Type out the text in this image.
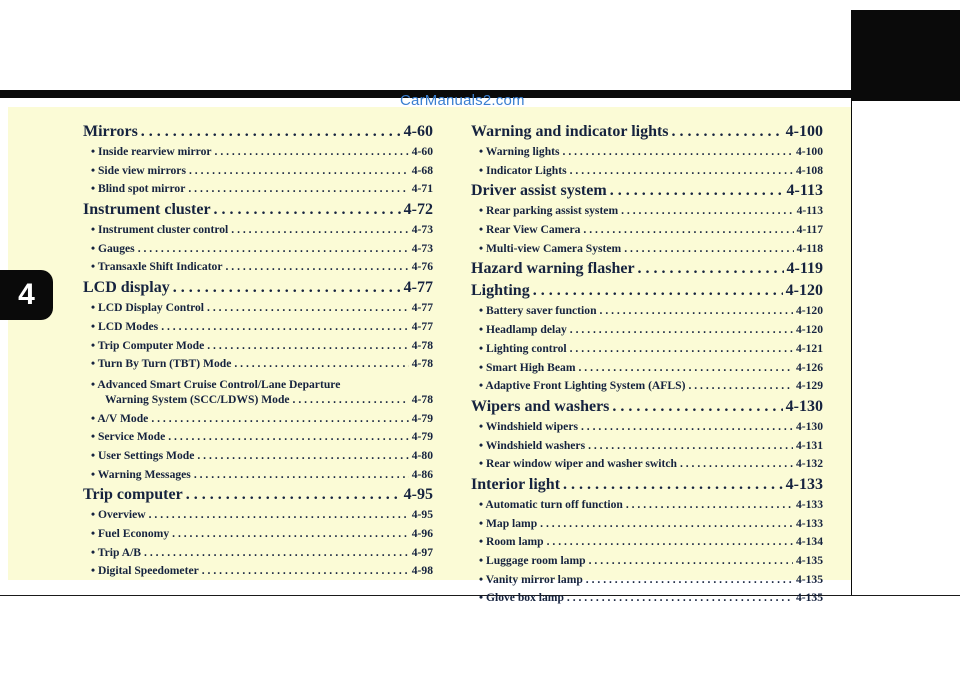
CarManuals2.com
4
Mirrors . . .	4-60
• Inside rearview mirror . . .	4-60
• Side view mirrors . . .	4-68
• Blind spot mirror . . .	4-71
Instrument cluster . . .	4-72
• Instrument cluster control . . .	4-73
• Gauges . . .	4-73
• Transaxle Shift Indicator . . .	4-76
LCD display . . .	4-77
• LCD Display Control . . .	4-77
• LCD Modes . . .	4-77
• Trip Computer Mode . . .	4-78
• Turn By Turn (TBT) Mode . . .	4-78
• Advanced Smart Cruise Control/Lane Departure
Warning System (SCC/LDWS) Mode . . .	4-78
• A/V Mode . . .	4-79
• Service Mode . . .	4-79
• User Settings Mode . . .	4-80
• Warning Messages . . .	4-86
Trip computer . . .	4-95
• Overview . . .	4-95
• Fuel Economy . . .	4-96
• Trip A/B . . .	4-97
• Digital Speedometer . . .	4-98
Warning and indicator lights . . .	4-100
• Warning lights . . .	4-100
• Indicator Lights . . .	4-108
Driver assist system . . .	4-113
• Rear parking assist system . . .	4-113
• Rear View Camera . . .	4-117
• Multi-view Camera System . . .	4-118
Hazard warning flasher . . .	4-119
Lighting . . .	4-120
• Battery saver function . . .	4-120
• Headlamp delay . . .	4-120
• Lighting control . . .	4-121
• Smart High Beam . . .	4-126
• Adaptive Front Lighting System (AFLS) . . .	4-129
Wipers and washers . . .	4-130
• Windshield wipers . . .	4-130
• Windshield washers . . .	4-131
• Rear window wiper and washer switch . . .	4-132
Interior light . . .	4-133
• Automatic turn off function . . .	4-133
• Map lamp . . .	4-133
• Room lamp . . .	4-134
• Luggage room lamp . . .	4-135
• Vanity mirror lamp . . .	4-135
• Glove box lamp . . .	4-135
